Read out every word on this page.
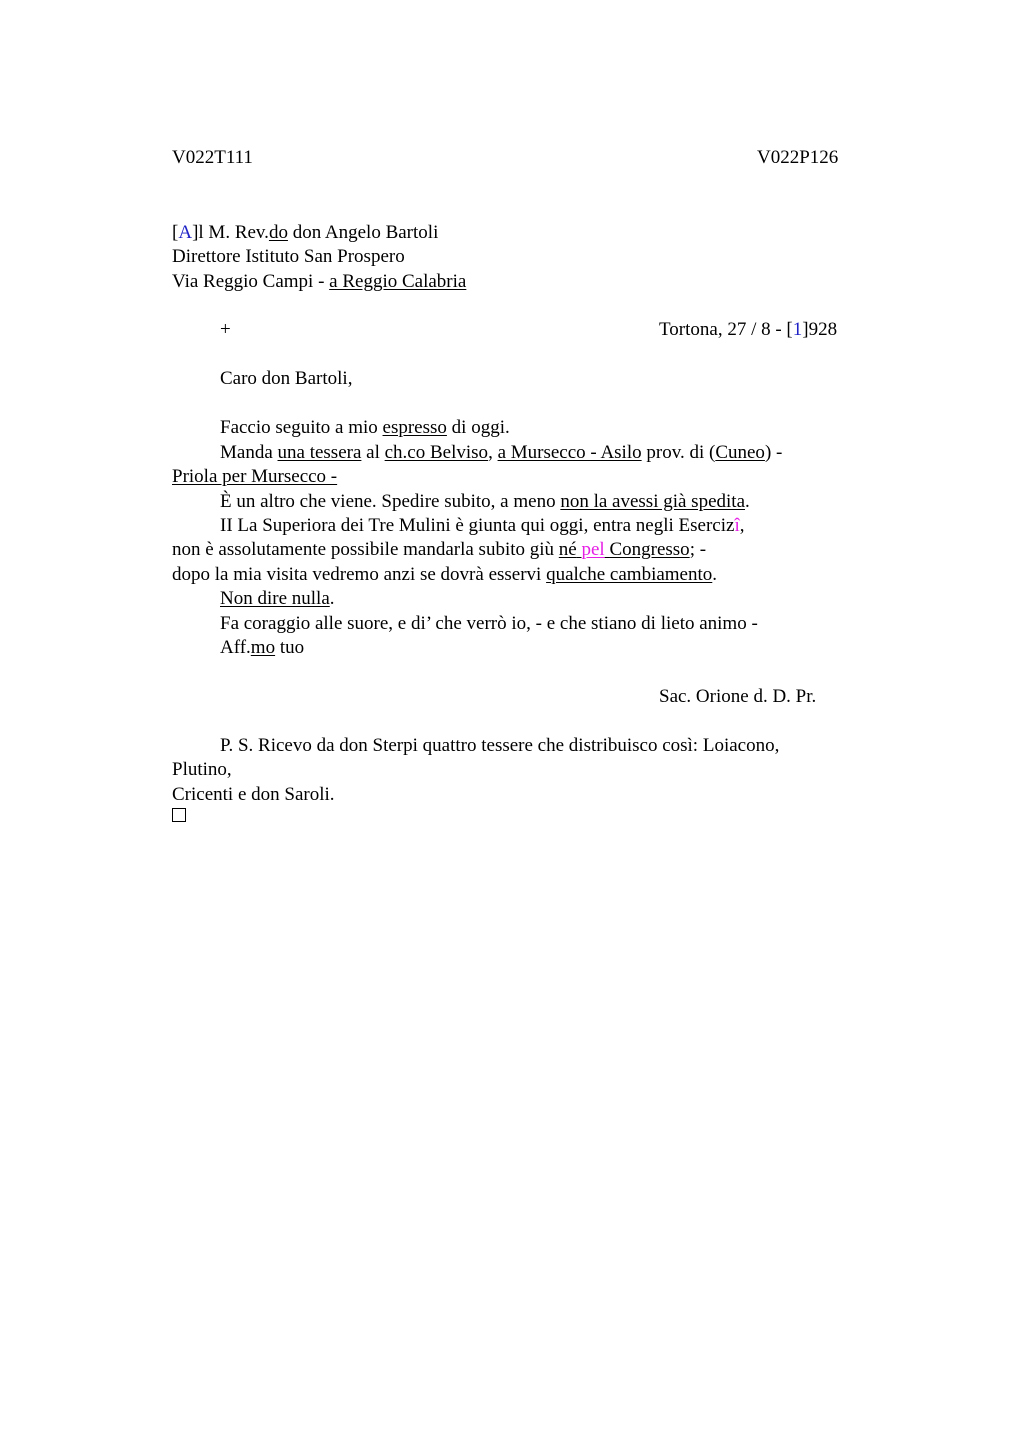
V022T111	V022P126
[A]l M. Rev.do don Angelo Bartoli
Direttore Istituto San Prospero
Via Reggio Campi - a Reggio Calabria
+	Tortona, 27 / 8 - [1]928
Caro don Bartoli,
Faccio seguito a mio espresso di oggi.
Manda una tessera al ch.co Belviso, a Mursecco - Asilo prov. di (Cuneo) -
Priola per Mursecco -
È un altro che viene. Spedire subito, a meno non la avessi già spedita.
II La Superiora dei Tre Mulini è giunta qui oggi, entra negli Esercizî,
non è assolutamente possibile mandarla subito giù né pel Congresso; -
dopo la mia visita vedremo anzi se dovrà esservi qualche cambiamento.
Non dire nulla.
Fa coraggio alle suore, e di’ che verrò io, - e che stiano di lieto animo -
Aff.mo tuo
Sac. Orione d. D. Pr.
P. S. Ricevo da don Sterpi quattro tessere che distribuisco così: Loiacono,
Plutino,
Cricenti e don Saroli.
